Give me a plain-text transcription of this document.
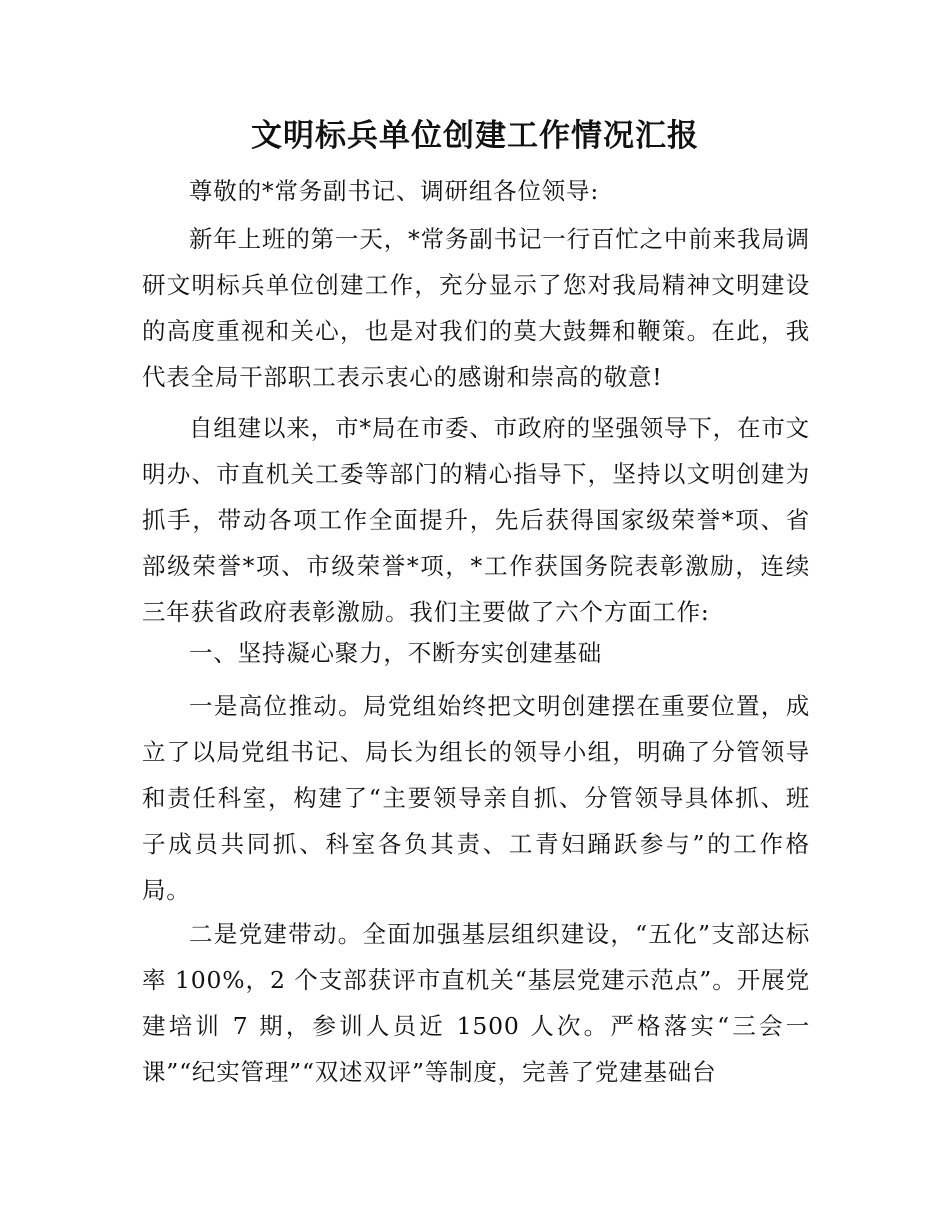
文明标兵单位创建工作情况汇报

尊敬的*常务副书记、调研组各位领导:

新年上班的第一天，*常务副书记一行百忙之中前来我局调研文明标兵单位创建工作，充分显示了您对我局精神文明建设的高度重视和关心，也是对我们的莫大鼓舞和鞭策。在此，我代表全局干部职工表示衷心的感谢和崇高的敬意!

自组建以来，市*局在市委、市政府的坚强领导下，在市文明办、市直机关工委等部门的精心指导下，坚持以文明创建为抓手，带动各项工作全面提升，先后获得国家级荣誉*项、省部级荣誉*项、市级荣誉*项，*工作获国务院表彰激励，连续三年获省政府表彰激励。我们主要做了六个方面工作:

一、坚持凝心聚力，不断夯实创建基础

一是高位推动。局党组始终把文明创建摆在重要位置，成立了以局党组书记、局长为组长的领导小组，明确了分管领导和责任科室，构建了“主要领导亲自抓、分管领导具体抓、班子成员共同抓、科室各负其责、工青妇踊跃参与”的工作格局。

二是党建带动。全面加强基层组织建设，“五化”支部达标率 100%，2 个支部获评市直机关“基层党建示范点”。开展党建培训 7 期，参训人员近 1500 人次。严格落实“三会一课”“纪实管理”“双述双评”等制度，完善了党建基础台
